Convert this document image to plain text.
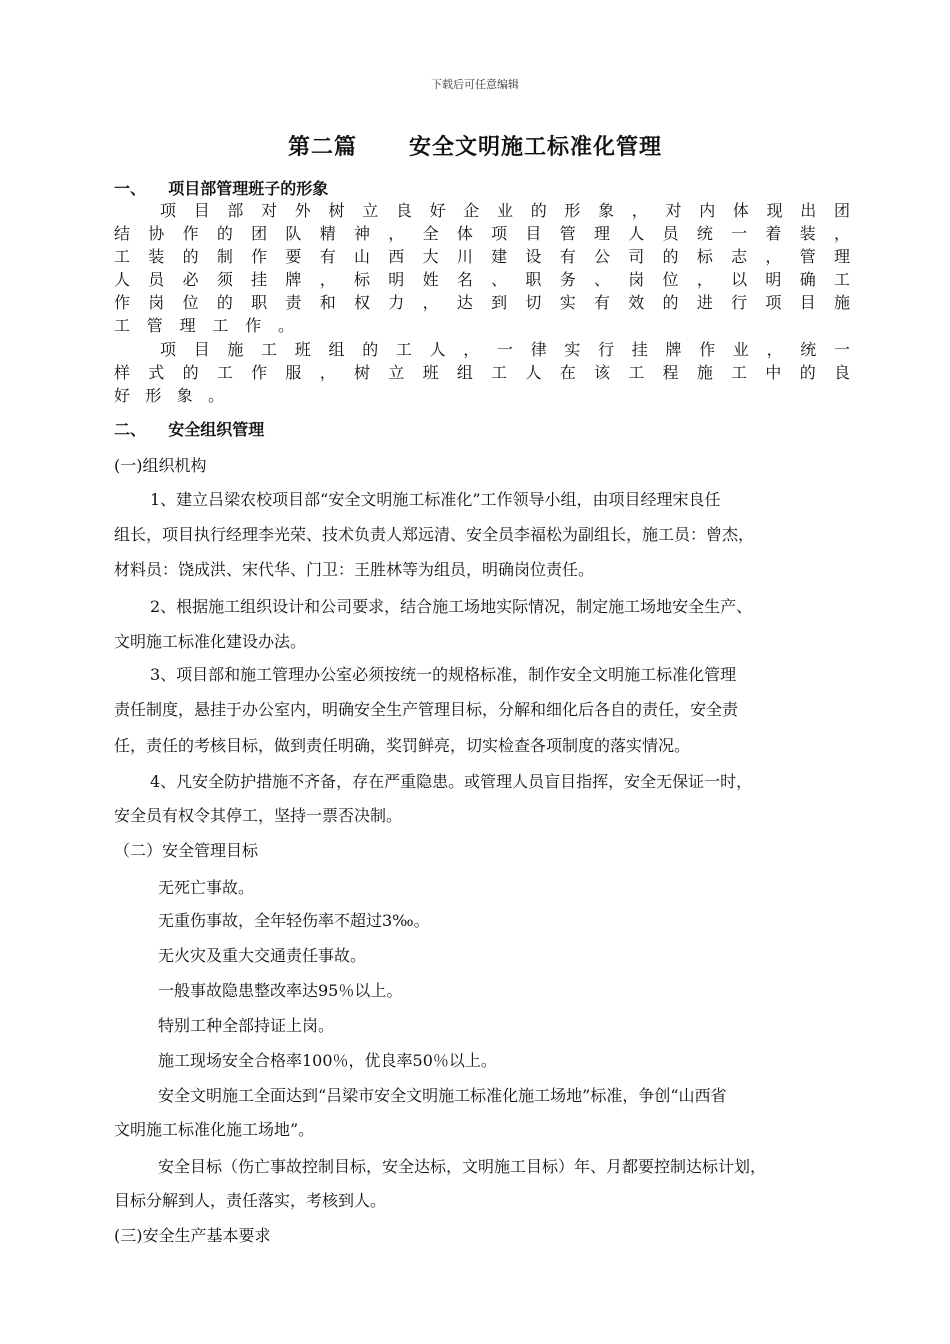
下载后可任意编辑
第二篇      安全文明施工标准化管理
一、    项目部管理班子的形象
项目部对外树立良好企业的形象，对内体现出团
结协作的团队精神，全体项目管理人员统一着装，
工装的制作要有山西大川建设有公司的标志，管理
人员必须挂牌，标明姓名、职务、岗位，以明确工
作岗位的职责和权力，达到切实有效的进行项目施
工管理工作。
项目施工班组的工人，一律实行挂牌作业，统一
样式的工作服，树立班组工人在该工程施工中的良
好形象。
二、    安全组织管理
(一)组织机构
1、建立吕梁农校项目部“安全文明施工标准化”工作领导小组，由项目经理宋良任
组长，项目执行经理李光荣、技术负责人郑远清、安全员李福松为副组长，施工员：曾杰，
材料员：饶成洪、宋代华、门卫：王胜林等为组员，明确岗位责任。
2、根据施工组织设计和公司要求，结合施工场地实际情况，制定施工场地安全生产、
文明施工标准化建设办法。
3、项目部和施工管理办公室必须按统一的规格标准，制作安全文明施工标准化管理
责任制度，悬挂于办公室内，明确安全生产管理目标，分解和细化后各自的责任，安全责
任，责任的考核目标，做到责任明确，奖罚鲜亮，切实检查各项制度的落实情况。
4、凡安全防护措施不齐备，存在严重隐患。或管理人员盲目指挥，安全无保证一时，
安全员有权令其停工，坚持一票否决制。
（二）安全管理目标
无死亡事故。
无重伤事故，全年轻伤率不超过3‰。
无火灾及重大交通责任事故。
一般事故隐患整改率达95％以上。
特别工种全部持证上岗。
施工现场安全合格率100％，优良率50％以上。
安全文明施工全面达到“吕梁市安全文明施工标准化施工场地”标准，争创“山西省
文明施工标准化施工场地”。
安全目标（伤亡事故控制目标，安全达标，文明施工目标）年、月都要控制达标计划，
目标分解到人，责任落实，考核到人。
(三)安全生产基本要求
